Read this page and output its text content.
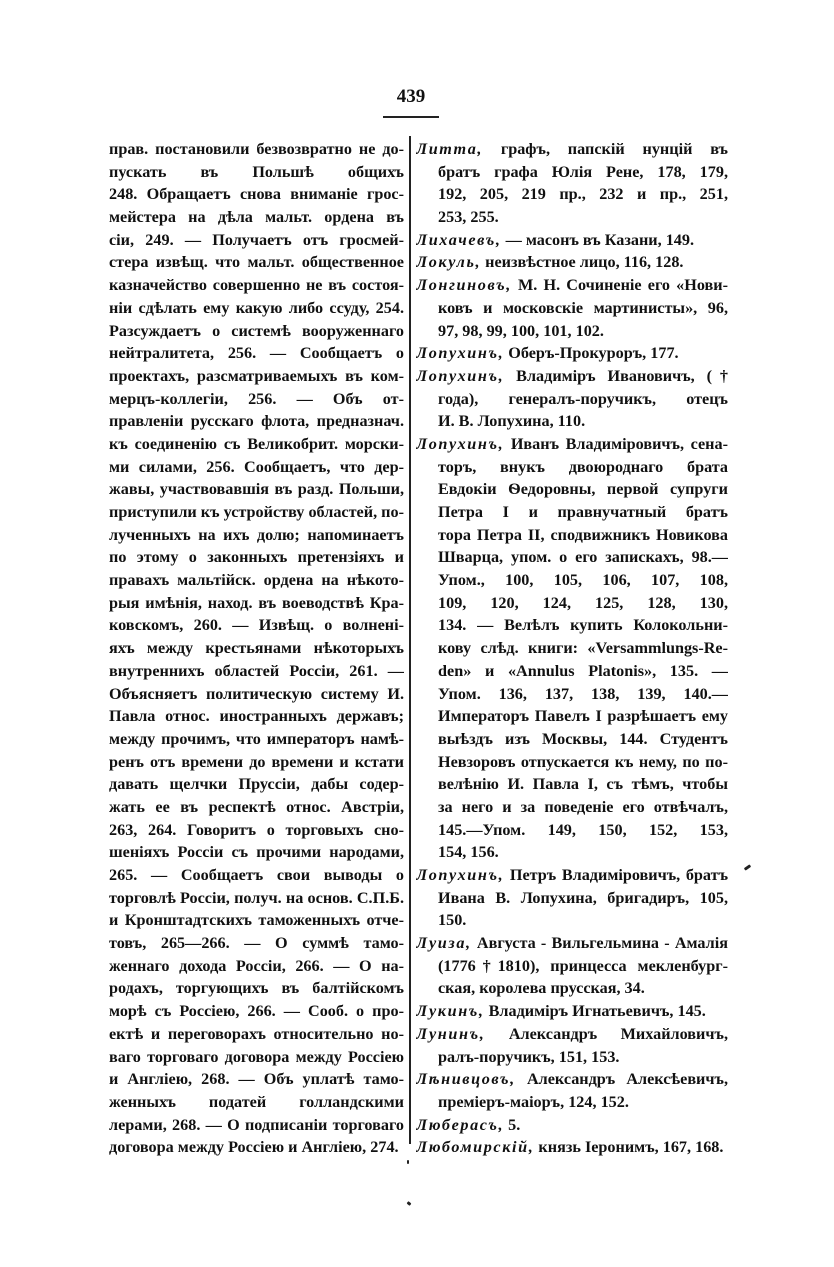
439
прав. постановили безвозвратно не до-
пускать въ Польшѣ общихъ
248. Обращаетъ снова вниманіе грос-
мейстера на дѣла мальт. ордена въ
сіи, 249. — Получаетъ отъ гросмей-
стера извѣщ. что мальт. общественное
казначейство совершенно не въ состоя-
ніи сдѣлать ему какую либо ссуду, 254.
Разсуждаетъ о системѣ вооруженнаго
нейтралитета, 256. — Сообщаетъ о
проектахъ, разсматриваемыхъ въ ком-
мерцъ-коллегіи, 256. — Объ от-
правленіи русскаго флота, предназнач.
къ соединенію съ Великобрит. морски-
ми силами, 256. Сообщаетъ, что дер-
жавы, участвовавшія въ разд. Польши,
приступили къ устройству областей, по-
лученныхъ на ихъ долю; напоминаетъ
по этому о законныхъ претензіяхъ и
правахъ мальтійск. ордена на нѣкото-
рыя имѣнія, наход. въ воеводствѣ Кра-
ковскомъ, 260. — Извѣщ. о волнені-
яхъ между крестьянами нѣкоторыхъ
внутреннихъ областей Россіи, 261. —
Объясняетъ политическую систему И.
Павла относ. иностранныхъ державъ;
между прочимъ, что императоръ намѣ-
ренъ отъ времени до времени и кстати
давать щелчки Пруссіи, дабы содер-
жать ее въ респектѣ относ. Австріи,
263, 264. Говоритъ о торговыхъ сно-
шеніяхъ Россіи съ прочими народами,
265. — Сообщаетъ свои выводы о
торговлѣ Россіи, получ. на основ. С.П.Б.
и Кронштадтскихъ таможенныхъ отче-
товъ, 265—266. — О суммѣ тамо-
женнаго дохода Россіи, 266. — О на-
родахъ, торгующихъ въ балтійскомъ
морѣ съ Россіею, 266. — Сооб. о про-
ектѣ и переговорахъ относительно но-
ваго торговаго договора между Россіею
и Англіею, 268. — Объ уплатѣ тамо-
женныхъ податей голландскими
лерами, 268. — О подписаніи торговаго
договора между Россіею и Англіею, 274.
Литта, графъ, папскій нунцій въ
братъ графа Юлія Рене, 178, 179,
192, 205, 219 пр., 232 и пр., 251,
253, 255.
Лихачевъ, — масонъ въ Казани, 149.
Локуль, неизвѣстное лицо, 116, 128.
Лонгиновъ, М. Н. Сочиненіе его «Нови-
ковъ и московскіе мартинисты», 96,
97, 98, 99, 100, 101, 102.
Лопухинъ, Оберъ-Прокуроръ, 177.
Лопухинъ, Владиміръ Ивановичъ, (†
года), генералъ-поручикъ, отецъ
И. В. Лопухина, 110.
Лопухинъ, Иванъ Владиміровичъ, сена-
торъ, внукъ двоюроднаго брата
Евдокіи Ѳедоровны, первой супруги
Петра I и правнучатный братъ
тора Петра II, сподвижникъ Новикова
Шварца, упом. о его запискахъ, 98.—
Упом., 100, 105, 106, 107, 108,
109, 120, 124, 125, 128, 130,
134. — Велѣлъ купить Колокольни-
кову слѣд. книги: «Versammlungs-Re-
den» и «Annulus Platonis», 135. —
Упом. 136, 137, 138, 139, 140.—
Императоръ Павелъ I разрѣшаетъ ему
выѣздъ изъ Москвы, 144. Студентъ
Невзоровъ отпускается къ нему, по по-
велѣнію И. Павла I, съ тѣмъ, чтобы
за него и за поведеніе его отвѣчалъ,
145.—Упом. 149, 150, 152, 153,
154, 156.
Лопухинъ, Петръ Владиміровичъ, братъ
Ивана В. Лопухина, бригадиръ, 105,
150.
Луиза, Августа - Вильгельмина - Амалія
(1776†1810), принцесса мекленбург-
ская, королева прусская, 34.
Лукинъ, Владиміръ Игнатьевичъ, 145.
Лунинъ, Александръ Михайловичъ,
ралъ-поручикъ, 151, 153.
Лѣнивцовъ, Александръ Алексѣевичъ,
преміеръ-маіоръ, 124, 152.
Люберасъ, 5.
Любомирскій, князь Іеронимъ, 167, 168.
